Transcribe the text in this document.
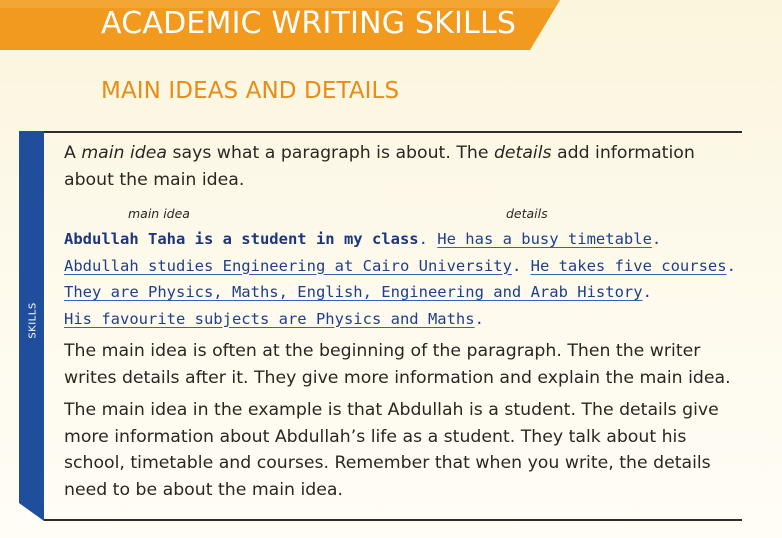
ACADEMIC WRITING SKILLS
MAIN IDEAS AND DETAILS
SKILLS

A main idea says what a paragraph is about. The details add information about the main idea.

main idea	details
Abdullah Taha is a student in my class. He has a busy timetable.
Abdullah studies Engineering at Cairo University. He takes five courses.
They are Physics, Maths, English, Engineering and Arab History.
His favourite subjects are Physics and Maths.

The main idea is often at the beginning of the paragraph. Then the writer writes details after it. They give more information and explain the main idea.

The main idea in the example is that Abdullah is a student. The details give more information about Abdullah’s life as a student. They talk about his school, timetable and courses. Remember that when you write, the details need to be about the main idea.
